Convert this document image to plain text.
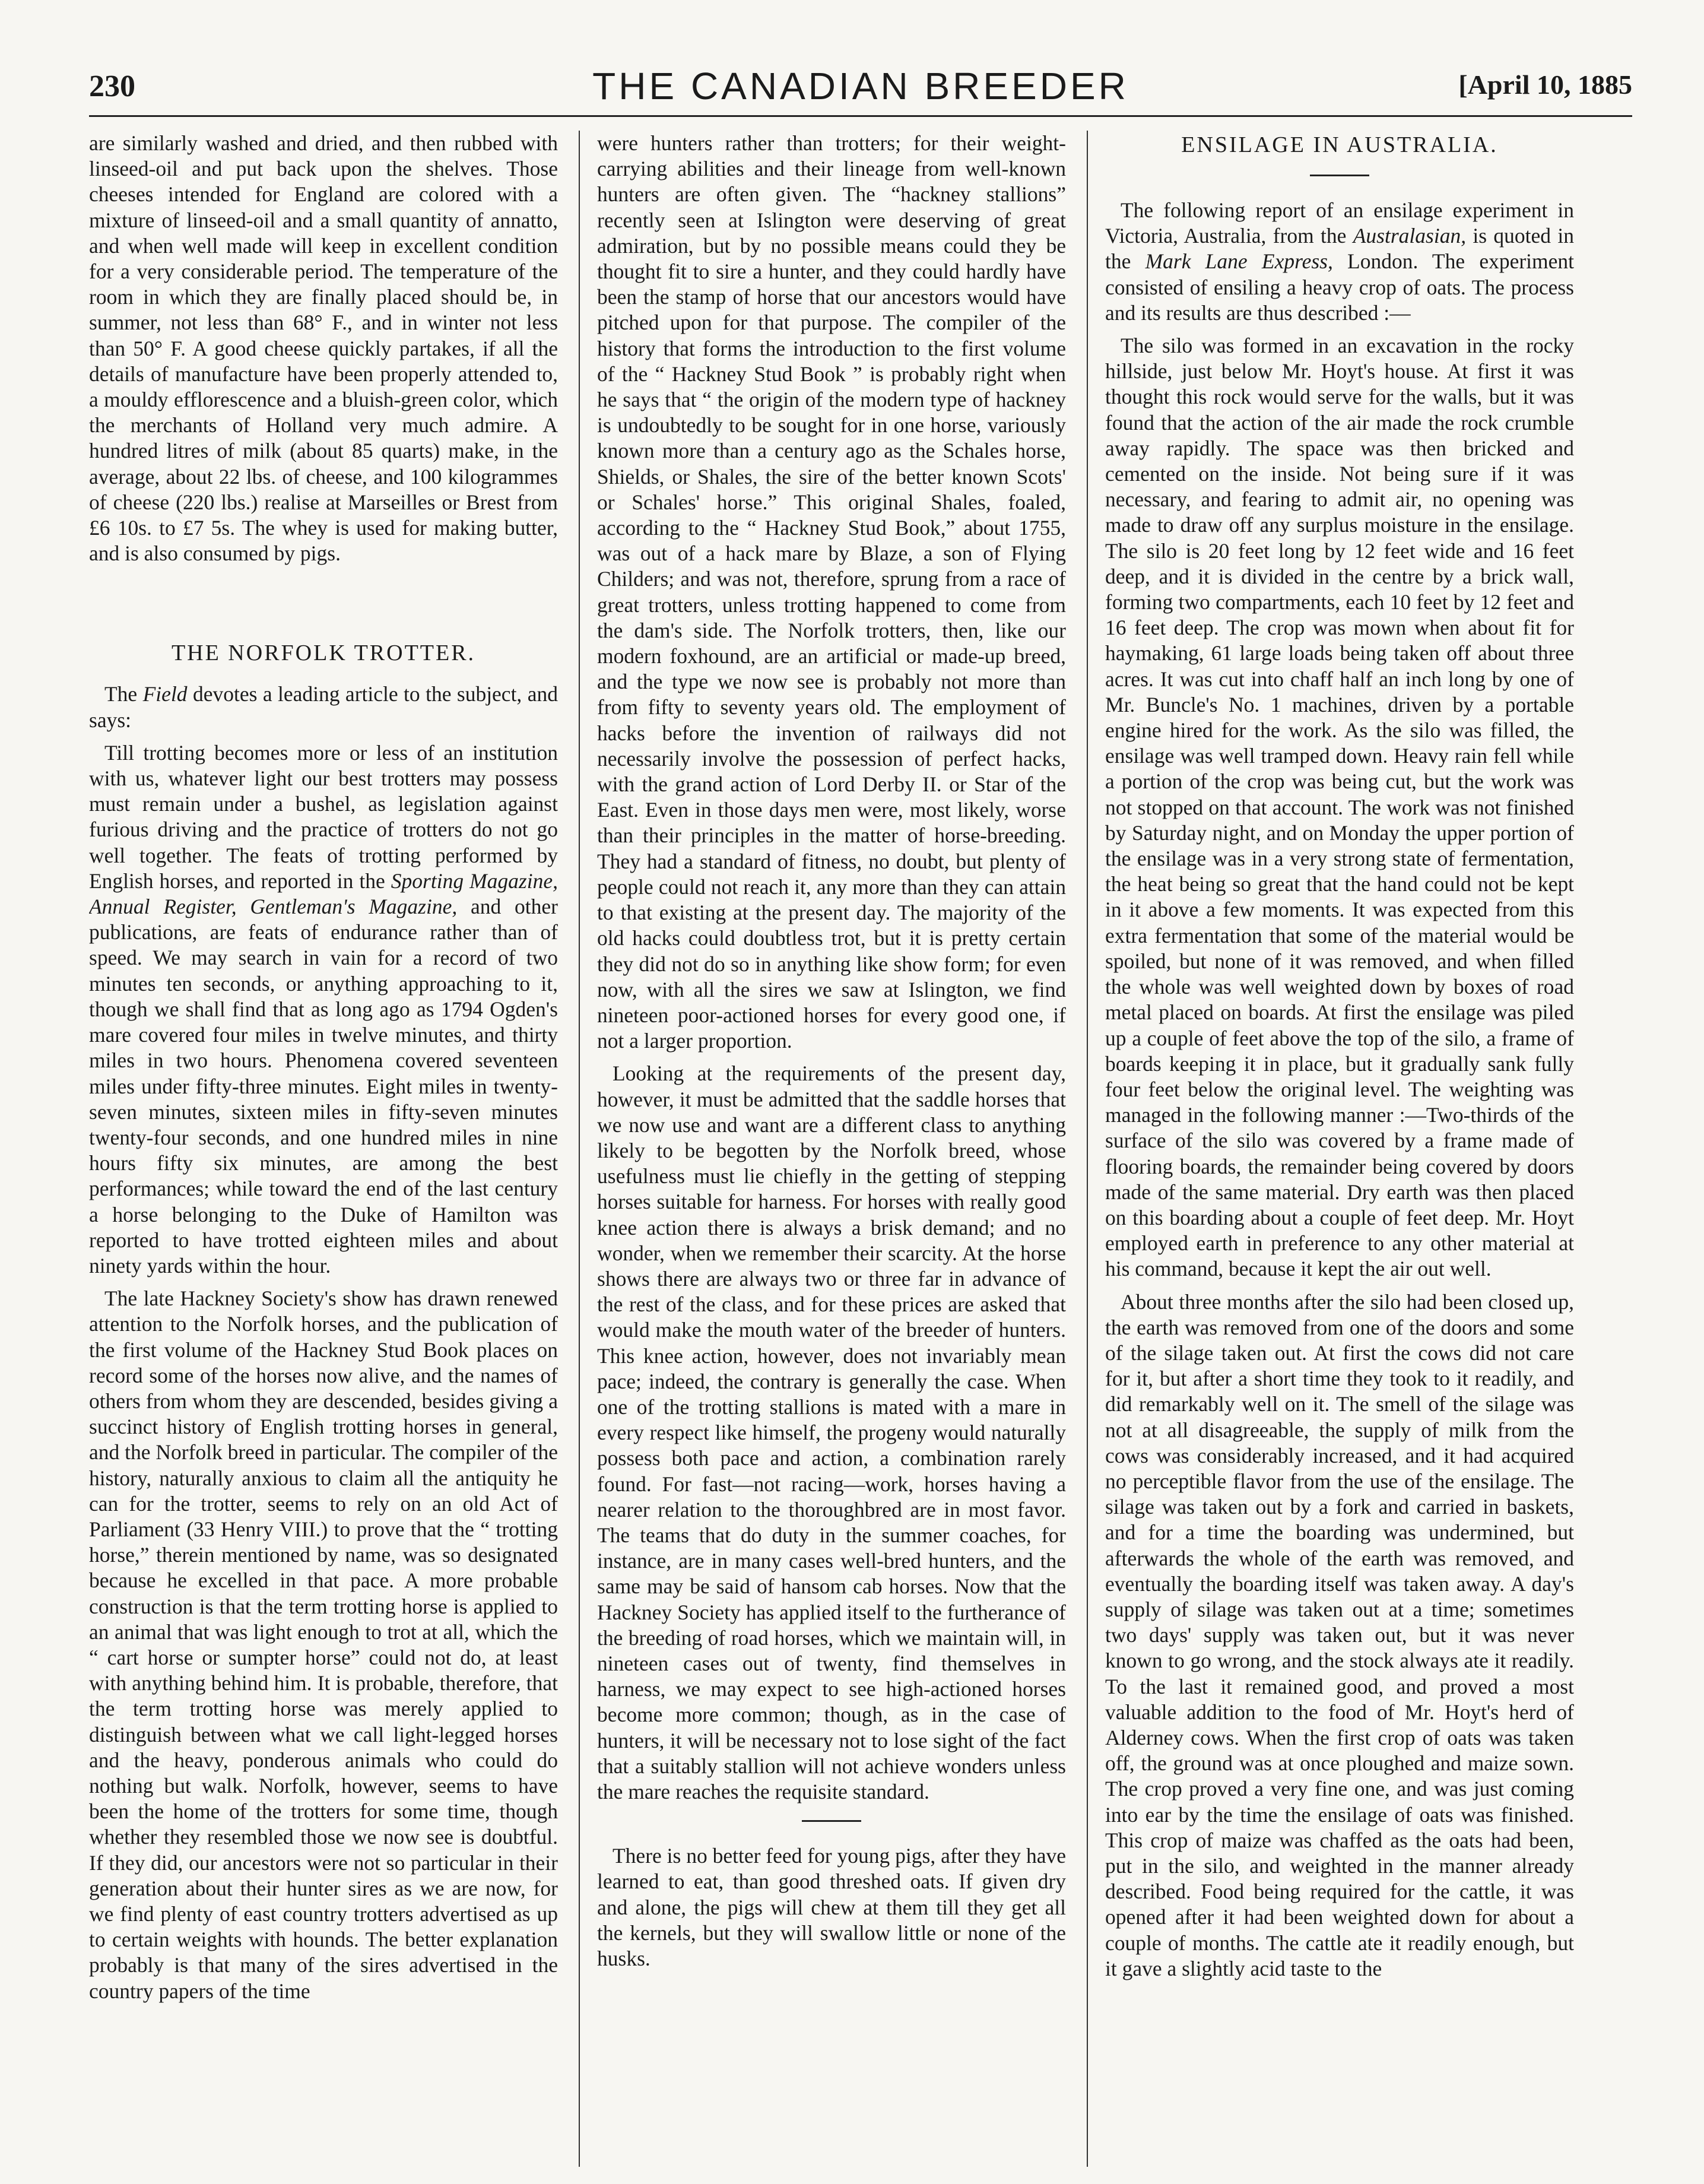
230	THE CANADIAN BREEDER	[April 10, 1885

are similarly washed and dried, and then rubbed with linseed-oil and put back upon the shelves. Those cheeses intended for England are colored with a mixture of linseed-oil and a small quantity of annatto, and when well made will keep in excellent condition for a very considerable period. The temperature of the room in which they are finally placed should be, in summer, not less than 68° F., and in winter not less than 50° F. A good cheese quickly partakes, if all the details of manufacture have been properly attended to, a mouldy efflorescence and a bluish-green color, which the merchants of Holland very much admire. A hundred litres of milk (about 85 quarts) make, in the average, about 22 lbs. of cheese, and 100 kilogrammes of cheese (220 lbs.) realise at Marseilles or Brest from £6 10s. to £7 5s. The whey is used for making butter, and is also consumed by pigs.

THE NORFOLK TROTTER.

The Field devotes a leading article to the subject, and says:

Till trotting becomes more or less of an institution with us, whatever light our best trotters may possess must remain under a bushel, as legislation against furious driving and the practice of trotters do not go well together. The feats of trotting performed by English horses, and reported in the Sporting Magazine, Annual Register, Gentleman's Magazine, and other publications, are feats of endurance rather than of speed. We may search in vain for a record of two minutes ten seconds, or anything approaching to it, though we shall find that as long ago as 1794 Ogden's mare covered four miles in twelve minutes, and thirty miles in two hours. Phenomena covered seventeen miles under fifty-three minutes. Eight miles in twenty-seven minutes, sixteen miles in fifty-seven minutes twenty-four seconds, and one hundred miles in nine hours fifty six minutes, are among the best performances; while toward the end of the last century a horse belonging to the Duke of Hamilton was reported to have trotted eighteen miles and about ninety yards within the hour.

The late Hackney Society's show has drawn renewed attention to the Norfolk horses, and the publication of the first volume of the Hackney Stud Book places on record some of the horses now alive, and the names of others from whom they are descended, besides giving a succinct history of English trotting horses in general, and the Norfolk breed in particular. The compiler of the history, naturally anxious to claim all the antiquity he can for the trotter, seems to rely on an old Act of Parliament (33 Henry VIII.) to prove that the “ trotting horse,” therein mentioned by name, was so designated because he excelled in that pace. A more probable construction is that the term trotting horse is applied to an animal that was light enough to trot at all, which the “ cart horse or sumpter horse” could not do, at least with anything behind him. It is probable, therefore, that the term trotting horse was merely applied to distinguish between what we call light-legged horses and the heavy, ponderous animals who could do nothing but walk. Norfolk, however, seems to have been the home of the trotters for some time, though whether they resembled those we now see is doubtful. If they did, our ancestors were not so particular in their generation about their hunter sires as we are now, for we find plenty of east country trotters advertised as up to certain weights with hounds. The better explanation probably is that many of the sires advertised in the country papers of the time

were hunters rather than trotters; for their weight-carrying abilities and their lineage from well-known hunters are often given. The “hackney stallions” recently seen at Islington were deserving of great admiration, but by no possible means could they be thought fit to sire a hunter, and they could hardly have been the stamp of horse that our ancestors would have pitched upon for that purpose. The compiler of the history that forms the introduction to the first volume of the “ Hackney Stud Book ” is probably right when he says that “ the origin of the modern type of hackney is undoubtedly to be sought for in one horse, variously known more than a century ago as the Schales horse, Shields, or Shales, the sire of the better known Scots' or Schales' horse.” This original Shales, foaled, according to the “ Hackney Stud Book,” about 1755, was out of a hack mare by Blaze, a son of Flying Childers; and was not, therefore, sprung from a race of great trotters, unless trotting happened to come from the dam's side. The Norfolk trotters, then, like our modern foxhound, are an artificial or made-up breed, and the type we now see is probably not more than from fifty to seventy years old. The employment of hacks before the invention of railways did not necessarily involve the possession of perfect hacks, with the grand action of Lord Derby II. or Star of the East. Even in those days men were, most likely, worse than their principles in the matter of horse-breeding. They had a standard of fitness, no doubt, but plenty of people could not reach it, any more than they can attain to that existing at the present day. The majority of the old hacks could doubtless trot, but it is pretty certain they did not do so in anything like show form; for even now, with all the sires we saw at Islington, we find nineteen poor-actioned horses for every good one, if not a larger proportion.

Looking at the requirements of the present day, however, it must be admitted that the saddle horses that we now use and want are a different class to anything likely to be begotten by the Norfolk breed, whose usefulness must lie chiefly in the getting of stepping horses suitable for harness. For horses with really good knee action there is always a brisk demand; and no wonder, when we remember their scarcity. At the horse shows there are always two or three far in advance of the rest of the class, and for these prices are asked that would make the mouth water of the breeder of hunters. This knee action, however, does not invariably mean pace; indeed, the contrary is generally the case. When one of the trotting stallions is mated with a mare in every respect like himself, the progeny would naturally possess both pace and action, a combination rarely found. For fast—not racing—work, horses having a nearer relation to the thoroughbred are in most favor. The teams that do duty in the summer coaches, for instance, are in many cases well-bred hunters, and the same may be said of hansom cab horses. Now that the Hackney Society has applied itself to the furtherance of the breeding of road horses, which we maintain will, in nineteen cases out of twenty, find themselves in harness, we may expect to see high-actioned horses become more common; though, as in the case of hunters, it will be necessary not to lose sight of the fact that a suitably stallion will not achieve wonders unless the mare reaches the requisite standard.

There is no better feed for young pigs, after they have learned to eat, than good threshed oats. If given dry and alone, the pigs will chew at them till they get all the kernels, but they will swallow little or none of the husks.

ENSILAGE IN AUSTRALIA.

The following report of an ensilage experiment in Victoria, Australia, from the Australasian, is quoted in the Mark Lane Express, London. The experiment consisted of ensiling a heavy crop of oats. The process and its results are thus described :—

The silo was formed in an excavation in the rocky hillside, just below Mr. Hoyt's house. At first it was thought this rock would serve for the walls, but it was found that the action of the air made the rock crumble away rapidly. The space was then bricked and cemented on the inside. Not being sure if it was necessary, and fearing to admit air, no opening was made to draw off any surplus moisture in the ensilage. The silo is 20 feet long by 12 feet wide and 16 feet deep, and it is divided in the centre by a brick wall, forming two compartments, each 10 feet by 12 feet and 16 feet deep. The crop was mown when about fit for haymaking, 61 large loads being taken off about three acres. It was cut into chaff half an inch long by one of Mr. Buncle's No. 1 machines, driven by a portable engine hired for the work. As the silo was filled, the ensilage was well tramped down. Heavy rain fell while a portion of the crop was being cut, but the work was not stopped on that account. The work was not finished by Saturday night, and on Monday the upper portion of the ensilage was in a very strong state of fermentation, the heat being so great that the hand could not be kept in it above a few moments. It was expected from this extra fermentation that some of the material would be spoiled, but none of it was removed, and when filled the whole was well weighted down by boxes of road metal placed on boards. At first the ensilage was piled up a couple of feet above the top of the silo, a frame of boards keeping it in place, but it gradually sank fully four feet below the original level. The weighting was managed in the following manner :—Two-thirds of the surface of the silo was covered by a frame made of flooring boards, the remainder being covered by doors made of the same material. Dry earth was then placed on this boarding about a couple of feet deep. Mr. Hoyt employed earth in preference to any other material at his command, because it kept the air out well.

About three months after the silo had been closed up, the earth was removed from one of the doors and some of the silage taken out. At first the cows did not care for it, but after a short time they took to it readily, and did remarkably well on it. The smell of the silage was not at all disagreeable, the supply of milk from the cows was considerably increased, and it had acquired no perceptible flavor from the use of the ensilage. The silage was taken out by a fork and carried in baskets, and for a time the boarding was undermined, but afterwards the whole of the earth was removed, and eventually the boarding itself was taken away. A day's supply of silage was taken out at a time; sometimes two days' supply was taken out, but it was never known to go wrong, and the stock always ate it readily. To the last it remained good, and proved a most valuable addition to the food of Mr. Hoyt's herd of Alderney cows. When the first crop of oats was taken off, the ground was at once ploughed and maize sown. The crop proved a very fine one, and was just coming into ear by the time the ensilage of oats was finished. This crop of maize was chaffed as the oats had been, put in the silo, and weighted in the manner already described. Food being required for the cattle, it was opened after it had been weighted down for about a couple of months. The cattle ate it readily enough, but it gave a slightly acid taste to the
